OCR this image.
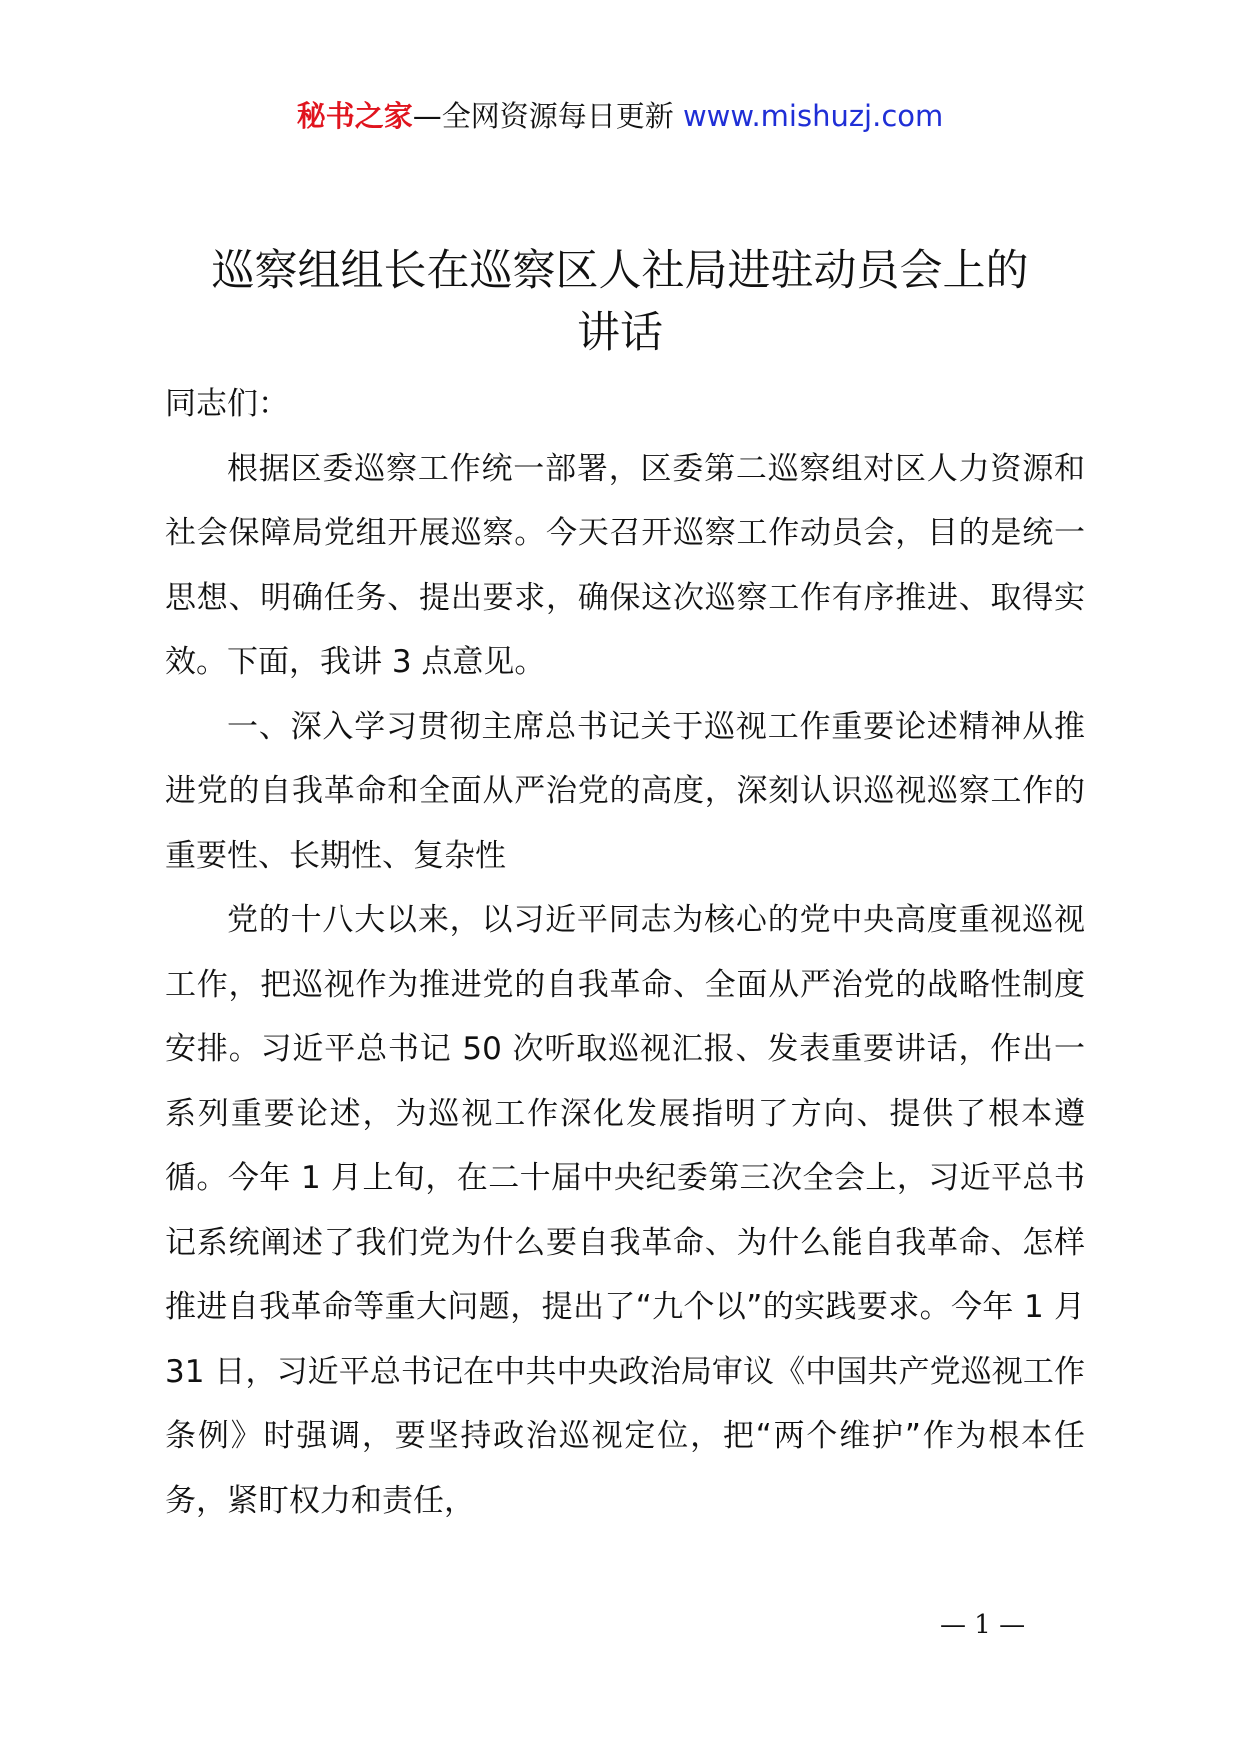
秘书之家—全网资源每日更新 www.mishuzj.com
巡察组组长在巡察区人社局进驻动员会上的
讲话

同志们：

根据区委巡察工作统一部署，区委第二巡察组对区人力资源和社会保障局党组开展巡察。今天召开巡察工作动员会，目的是统一思想、明确任务、提出要求，确保这次巡察工作有序推进、取得实效。下面，我讲 3 点意见。

一、深入学习贯彻主席总书记关于巡视工作重要论述精神从推进党的自我革命和全面从严治党的高度，深刻认识巡视巡察工作的重要性、长期性、复杂性

党的十八大以来，以习近平同志为核心的党中央高度重视巡视工作，把巡视作为推进党的自我革命、全面从严治党的战略性制度安排。习近平总书记 50 次听取巡视汇报、发表重要讲话，作出一系列重要论述，为巡视工作深化发展指明了方向、提供了根本遵循。今年 1 月上旬，在二十届中央纪委第三次全会上，习近平总书记系统阐述了我们党为什么要自我革命、为什么能自我革命、怎样推进自我革命等重大问题，提出了“九个以”的实践要求。今年 1 月 31 日，习近平总书记在中共中央政治局审议《中国共产党巡视工作条例》时强调，要坚持政治巡视定位，把“两个维护”作为根本任务，紧盯权力和责任，

— 1 —
